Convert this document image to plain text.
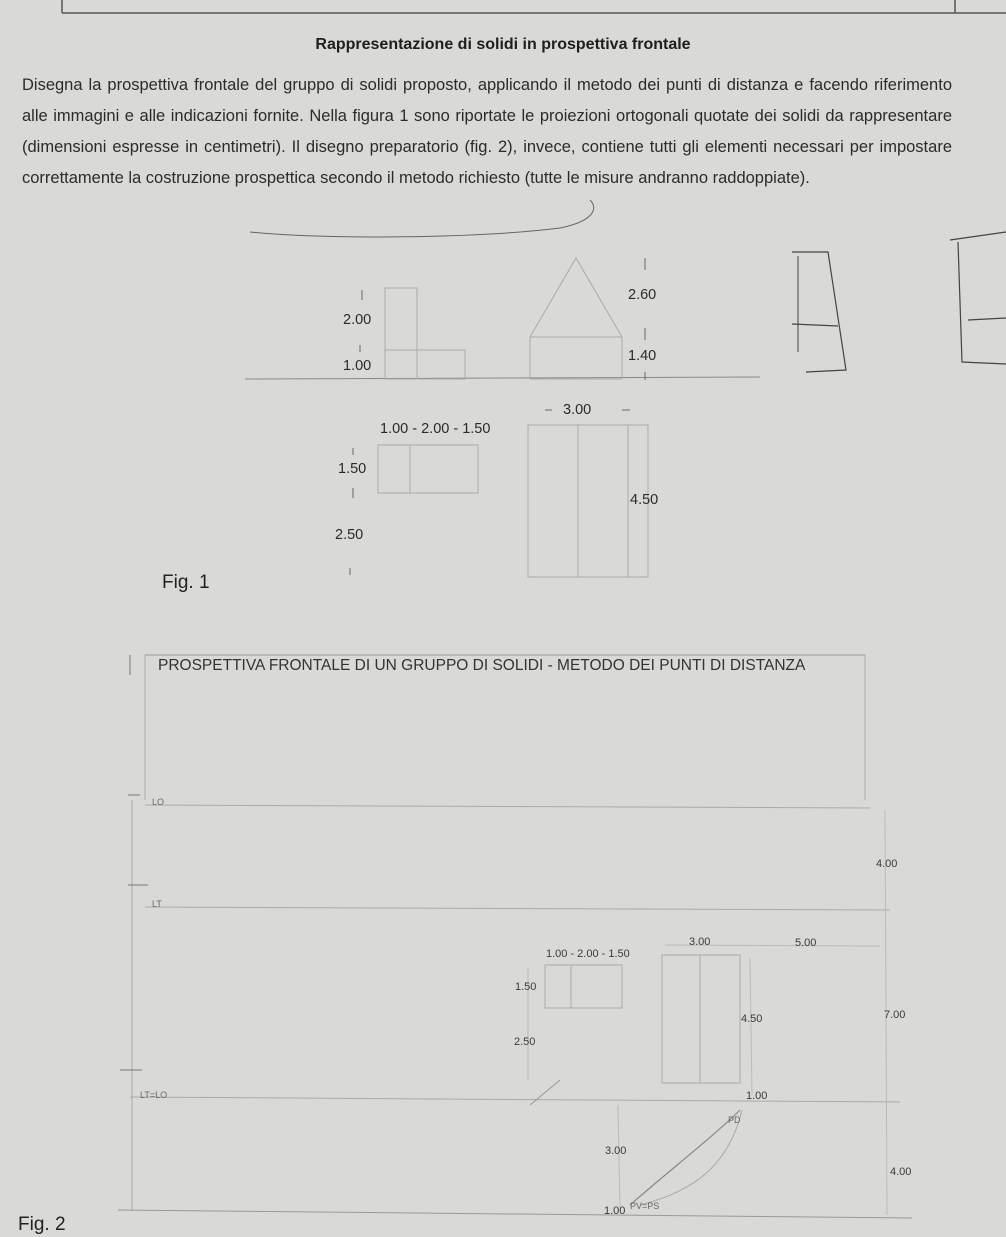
Rappresentazione di solidi in prospettiva frontale
Disegna la prospettiva frontale del gruppo di solidi proposto, applicando il metodo dei punti di distanza e facendo riferimento alle immagini e alle indicazioni fornite. Nella figura 1 sono riportate le proiezioni ortogonali quotate dei solidi da rappresentare (dimensioni espresse in centimetri). Il disegno preparatorio (fig. 2), invece, contiene tutti gli elementi necessari per impostare correttamente la costruzione prospettica secondo il metodo richiesto (tutte le misure andranno raddoppiate).
2.00
1.00
2.60
1.40
3.00
1.00 - 2.00 - 1.50
1.50
4.50
2.50
Fig. 1
PROSPETTIVA FRONTALE DI UN GRUPPO DI SOLIDI - METODO DEI PUNTI DI DISTANZA
LO
LT
LT=LO
4.00
3.00	5.00
1.00 - 2.00 - 1.50
1.50
4.50	7.00
2.50
1.00
PD
3.00
4.00
1.00 PV=PS
Fig. 2
